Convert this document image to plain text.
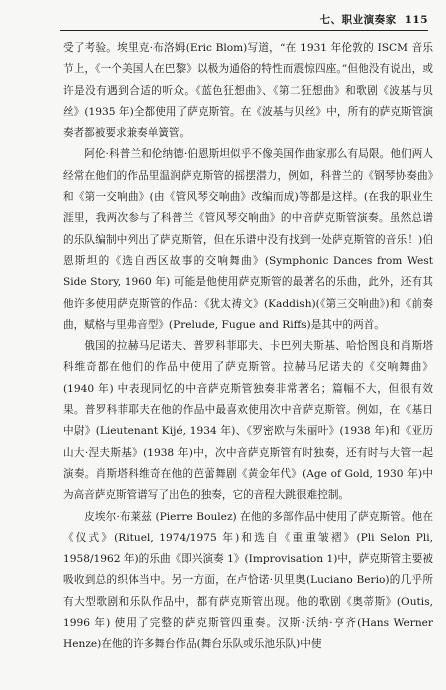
七、职业演奏家 115

受了考验。埃里克·布洛姆(Eric Blom)写道，“在 1931 年伦敦的 ISCM 音乐节上，《一个美国人在巴黎》以极为通俗的特性而震惊四座。”但他没有说出，或许是没有遇到合适的听众。《蓝色狂想曲》、《第二狂想曲》和歌剧《波基与贝丝》(1935 年)全都使用了萨克斯管。在《波基与贝丝》中，所有的萨克斯管演奏者都被要求兼奏单簧管。

阿伦·科普兰和伦纳德·伯恩斯坦似乎不像美国作曲家那么有局限。他们两人经常在他们的作品里温润萨克斯管的摇摆潜力，例如，科普兰的《钢琴协奏曲》和《第一交响曲》(由《管风琴交响曲》改编而成)等都是这样。(在我的职业生涯里，我两次参与了科普兰《管风琴交响曲》的中音萨克斯管演奏。虽然总谱的乐队编制中列出了萨克斯管，但在乐谱中没有找到一处萨克斯管的音乐！)伯恩斯坦的《选自西区故事的交响舞曲》(Symphonic Dances from West Side Story, 1960 年) 可能是他使用萨克斯管的最著名的乐曲，此外，还有其他许多使用萨克斯管的作品：《犹太祷文》(Kaddish)(《第三交响曲》)和《前奏曲，赋格与里弗音型》(Prelude, Fugue and Riffs)是其中的两首。

俄国的拉赫马尼诺夫、普罗科菲耶夫、卡巴列夫斯基、哈恰图良和肖斯塔科维奇都在他们的作品中使用了萨克斯管。拉赫马尼诺夫的《交响舞曲》(1940 年) 中表现同忆的中音萨克斯管独奏非常著名；篇幅不大，但很有效果。普罗科菲耶夫在他的作品中最喜欢使用次中音萨克斯管。例如，在《基日中尉》(Lieutenant Kijé, 1934 年)、《罗密欧与朱丽叶》(1938 年)和《亚历山大·涅夫斯基》(1938 年)中，次中音萨克斯管有时独奏，还有时与大管一起演奏。肖斯塔科维奇在他的芭蕾舞剧《黄金年代》(Age of Gold, 1930 年)中为高音萨克斯管谱写了出色的独奏，它的音程大跳很难控制。

皮埃尔·布莱兹 (Pierre Boulez) 在他的多部作品中使用了萨克斯管。他在《仪式》(Rituel, 1974/1975 年)和选自《重重皱褶》(Pli Selon Pli, 1958/1962 年)的乐曲《即兴演奏 1》(Improvisation 1)中，萨克斯管主要被吸收到总的织体当中。另一方面，在卢恰诺·贝里奥(Luciano Berio)的几乎所有大型歌剧和乐队作品中，都有萨克斯管出现。他的歌剧《奥蒂斯》(Outis, 1996 年) 使用了完整的萨克斯管四重奏。汉斯·沃纳·亨齐(Hans Werner Henze)在他的许多舞台作品(舞台乐队或乐池乐队)中使
